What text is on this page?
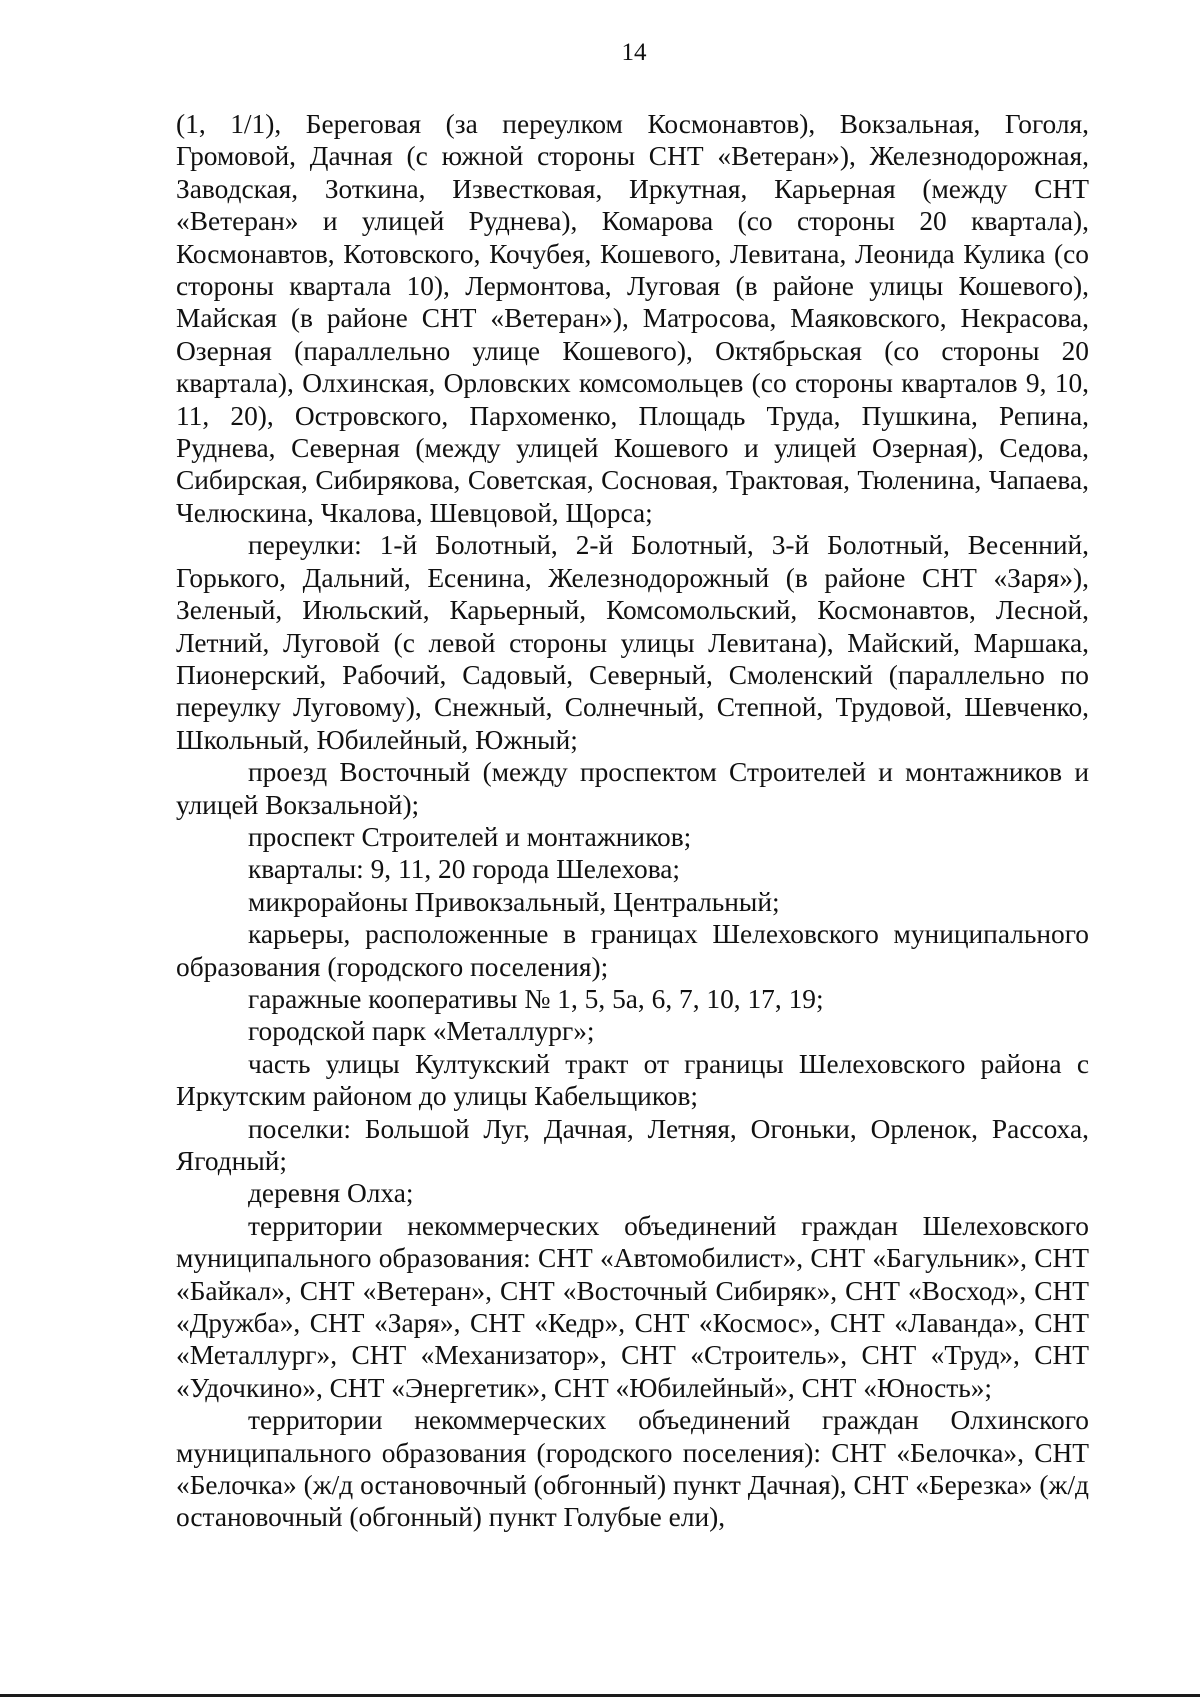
14

(1, 1/1), Береговая (за переулком Космонавтов), Вокзальная, Гоголя, Громовой, Дачная (с южной стороны СНТ «Ветеран»), Железнодорожная, Заводская, Зоткина, Известковая, Иркутная, Карьерная (между СНТ «Ветеран» и улицей Руднева), Комарова (со стороны 20 квартала), Космонавтов, Котовского, Кочубея, Кошевого, Левитана, Леонида Кулика (со стороны квартала 10), Лермонтова, Луговая (в районе улицы Кошевого), Майская (в районе СНТ «Ветеран»), Матросова, Маяковского, Некрасова, Озерная (параллельно улице Кошевого), Октябрьская (со стороны 20 квартала), Олхинская, Орловских комсомольцев (со стороны кварталов 9, 10, 11, 20), Островского, Пархоменко, Площадь Труда, Пушкина, Репина, Руднева, Северная (между улицей Кошевого и улицей Озерная), Седова, Сибирская, Сибирякова, Советская, Сосновая, Трактовая, Тюленина, Чапаева, Челюскина, Чкалова, Шевцовой, Щорса;

переулки: 1-й Болотный, 2-й Болотный, 3-й Болотный, Весенний, Горького, Дальний, Есенина, Железнодорожный (в районе СНТ «Заря»), Зеленый, Июльский, Карьерный, Комсомольский, Космонавтов, Лесной, Летний, Луговой (с левой стороны улицы Левитана), Майский, Маршака, Пионерский, Рабочий, Садовый, Северный, Смоленский (параллельно по переулку Луговому), Снежный, Солнечный, Степной, Трудовой, Шевченко, Школьный, Юбилейный, Южный;

проезд Восточный (между проспектом Строителей и монтажников и улицей Вокзальной);

проспект Строителей и монтажников;

кварталы: 9, 11, 20 города Шелехова;

микрорайоны Привокзальный, Центральный;

карьеры, расположенные в границах Шелеховского муниципального образования (городского поселения);

гаражные кооперативы № 1, 5, 5а, 6, 7, 10, 17, 19;

городской парк «Металлург»;

часть улицы Култукский тракт от границы Шелеховского района с Иркутским районом до улицы Кабельщиков;

поселки: Большой Луг, Дачная, Летняя, Огоньки, Орленок, Рассоха, Ягодный;

деревня Олха;

территории некоммерческих объединений граждан Шелеховского муниципального образования: СНТ «Автомобилист», СНТ «Багульник», СНТ «Байкал», СНТ «Ветеран», СНТ «Восточный Сибиряк», СНТ «Восход», СНТ «Дружба», СНТ «Заря», СНТ «Кедр», СНТ «Космос», СНТ «Лаванда», СНТ «Металлург», СНТ «Механизатор», СНТ «Строитель», СНТ «Труд», СНТ «Удочкино», СНТ «Энергетик», СНТ «Юбилейный», СНТ «Юность»;

территории некоммерческих объединений граждан Олхинского муниципального образования (городского поселения): СНТ «Белочка», СНТ «Белочка» (ж/д остановочный (обгонный) пункт Дачная), СНТ «Березка» (ж/д остановочный (обгонный) пункт Голубые ели),
